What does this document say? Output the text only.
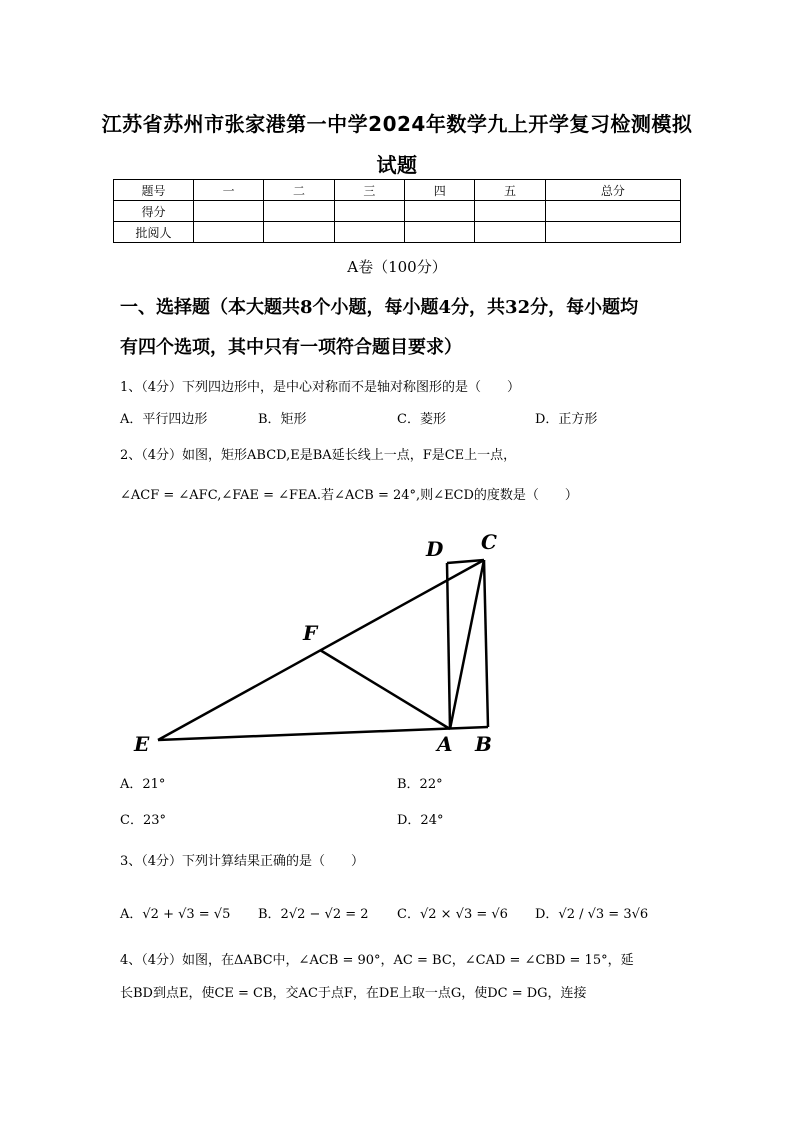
江苏省苏州市张家港第一中学2024年数学九上开学复习检测模拟
试题
题号	一	二	三	四	五	总分
得分						
批阅人						
A卷（100分）
一、选择题（本大题共8个小题，每小题4分，共32分，每小题均
有四个选项，其中只有一项符合题目要求）
1、（4分）下列四边形中，是中心对称而不是轴对称图形的是（　　）
A．平行四边形	B．矩形	C．菱形	D．正方形
2、（4分）如图，矩形ABCD,E是BA延长线上一点，F是CE上一点，
∠ACF = ∠AFC,∠FAE = ∠FEA.若∠ACB = 24°,则∠ECD的度数是（　　）
D C
F
E	A B
A．21°	B．22°
C．23°	D．24°
3、（4分）下列计算结果正确的是（　　）
A．√2 + √3 = √5 B．2√2 − √2 = 2 C．√2 × √3 = √6 D．√2 / √3 = 3√6
4、（4分）如图，在ΔABC中，∠ACB = 90°，AC = BC，∠CAD = ∠CBD = 15°，延
长BD到点E，使CE = CB，交AC于点F，在DE上取一点G，使DC = DG，连接
